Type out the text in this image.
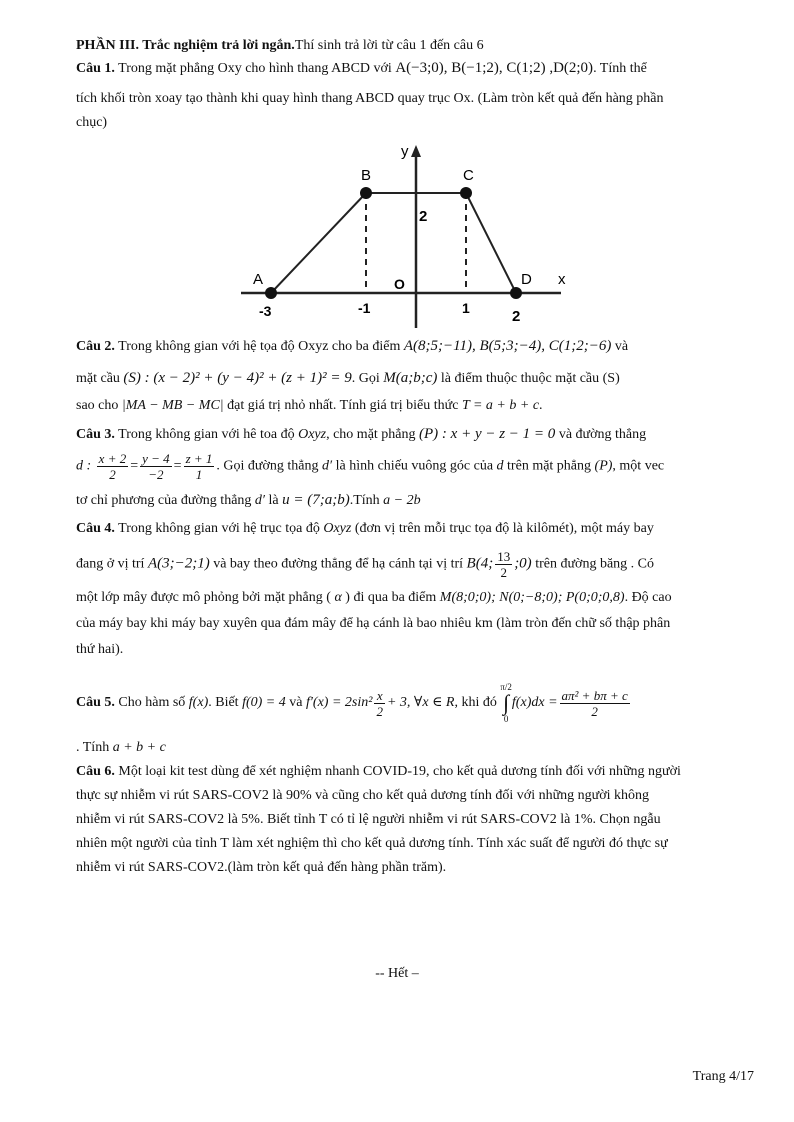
PHẦN III. Trắc nghiệm trả lời ngắn.Thí sinh trả lời từ câu 1 đến câu 6
Câu 1. Trong mặt phẳng Oxy cho hình thang ABCD với A(−3;0), B(−1;2), C(1;2) ,D(2;0). Tính thể
tích khối tròn xoay tạo thành khi quay hình thang ABCD quay trục Ox. (Làm tròn kết quả đến hàng phần
chục)
y
x
O
A
B	C
D
2
-3	-1	1	2
Câu 2. Trong không gian với hệ tọa độ Oxyz cho ba điểm A(8;5;−11), B(5;3;−4), C(1;2;−6) và
mặt cầu (S) : (x − 2)² + (y − 4)² + (z + 1)² = 9. Gọi M(a;b;c) là điểm thuộc thuộc mặt cầu (S)
sao cho |MA − MB − MC| đạt giá trị nhỏ nhất. Tính giá trị biểu thức T = a + b + c.
Câu 3. Trong không gian với hê toa độ Oxyz, cho mặt phẳng (P) : x + y − z − 1 = 0 và đường thẳng
d : $\frac{x + 2}{2} = \frac{y - 4}{-2} = \frac{z + 1}{1}$ . Gọi đường thẳng d′ là hình chiếu vuông góc của d trên mặt phẳng (P), một vec
tơ chỉ phương của đường thẳng d′ là u = (7;a;b).Tính a − 2b
Câu 4. Trong không gian với hệ trục tọa độ Oxyz (đơn vị trên mỗi trục tọa độ là kilômét), một máy bay
đang ở vị trí A(3;−2;1) và bay theo đường thẳng để hạ cánh tại vị trí B(4; $\frac{13}{2}$ ;0) trên đường băng . Có
một lớp mây được mô phỏng bởi mặt phẳng ( α ) đi qua ba điểm M(8;0;0); N(0;−8;0); P(0;0;0,8). Độ cao
của máy bay khi máy bay xuyên qua đám mây để hạ cánh là bao nhiêu km (làm tròn đến chữ số thập phân
thứ hai).
Câu 5. Cho hàm số f(x). Biết f(0) = 4 và $f'(x) = 2\sin^2 \frac{x}{2} + 3$, ∀x ∈ R, khi đó
π/2
∫
0
$f(x)dx = \frac{\text{aπ² + bπ + c}}{2}$
. Tính a + b + c
Câu 6. Một loại kit test dùng để xét nghiệm nhanh COVID-19, cho kết quả dương tính đối với những người
thực sự nhiễm vi rút SARS-COV2 là 90% và cũng cho kết quả dương tính đối với những người không
nhiễm vi rút SARS-COV2 là 5%. Biết tỉnh T có tỉ lệ người nhiễm vi rút SARS-COV2 là 1%. Chọn ngẫu
nhiên một người của tỉnh T làm xét nghiệm thì cho kết quả dương tính. Tính xác suất để người đó thực sự
nhiễm vi rút SARS-COV2.(làm tròn kết quả đến hàng phần trăm).
-- Hết –
Trang 4/17
